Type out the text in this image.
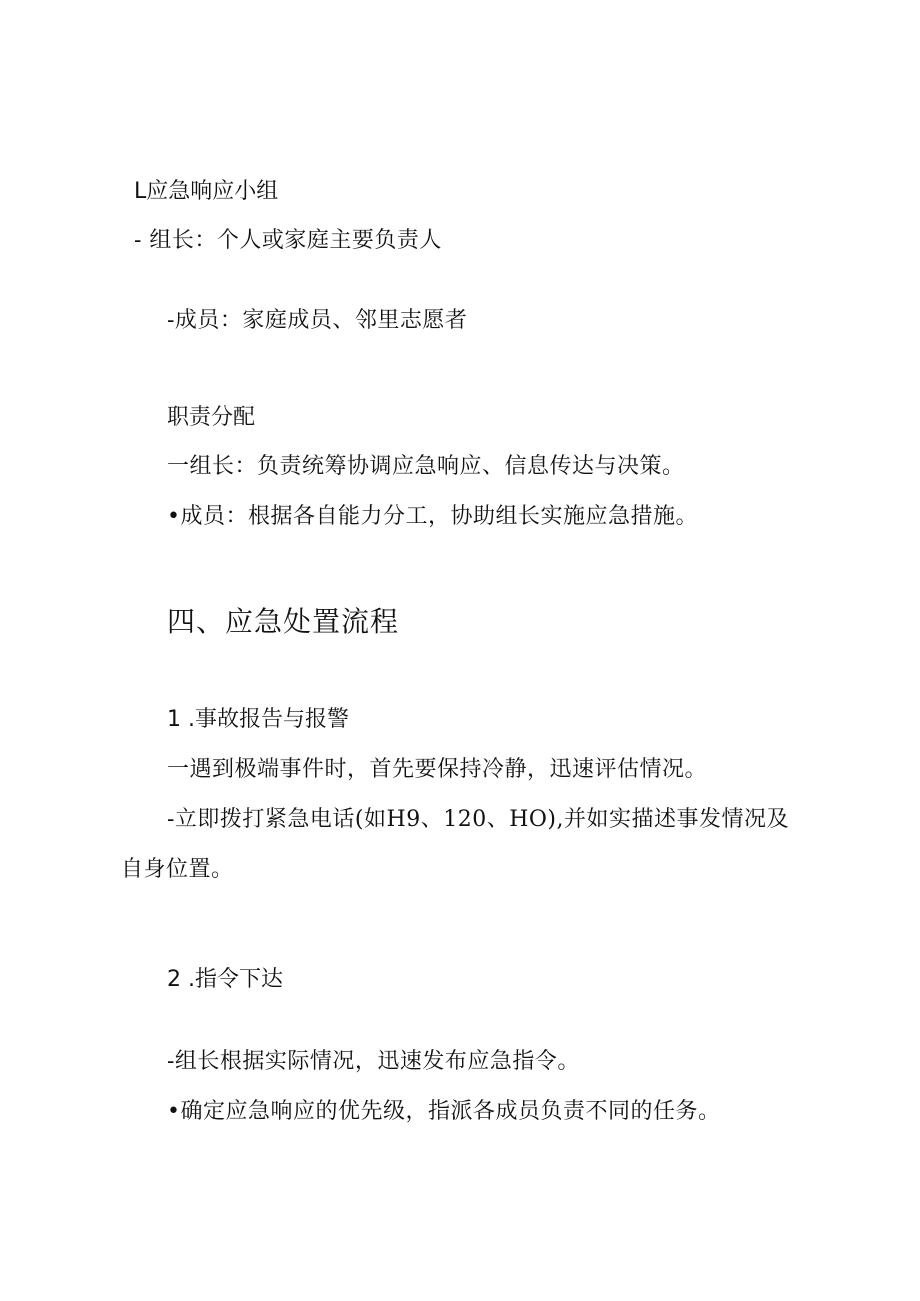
L应急响应小组
- 组长：个人或家庭主要负责人
-成员：家庭成员、邻里志愿者
职责分配
一组长：负责统筹协调应急响应、信息传达与决策。
•成员：根据各自能力分工，协助组长实施应急措施。
四、应急处置流程
1 .事故报告与报警
一遇到极端事件时，首先要保持冷静，迅速评估情况。
-立即拨打紧急电话(如H9、120、HO),并如实描述事发情况及
自身位置。
2 .指令下达
-组长根据实际情况，迅速发布应急指令。
•确定应急响应的优先级，指派各成员负责不同的任务。
